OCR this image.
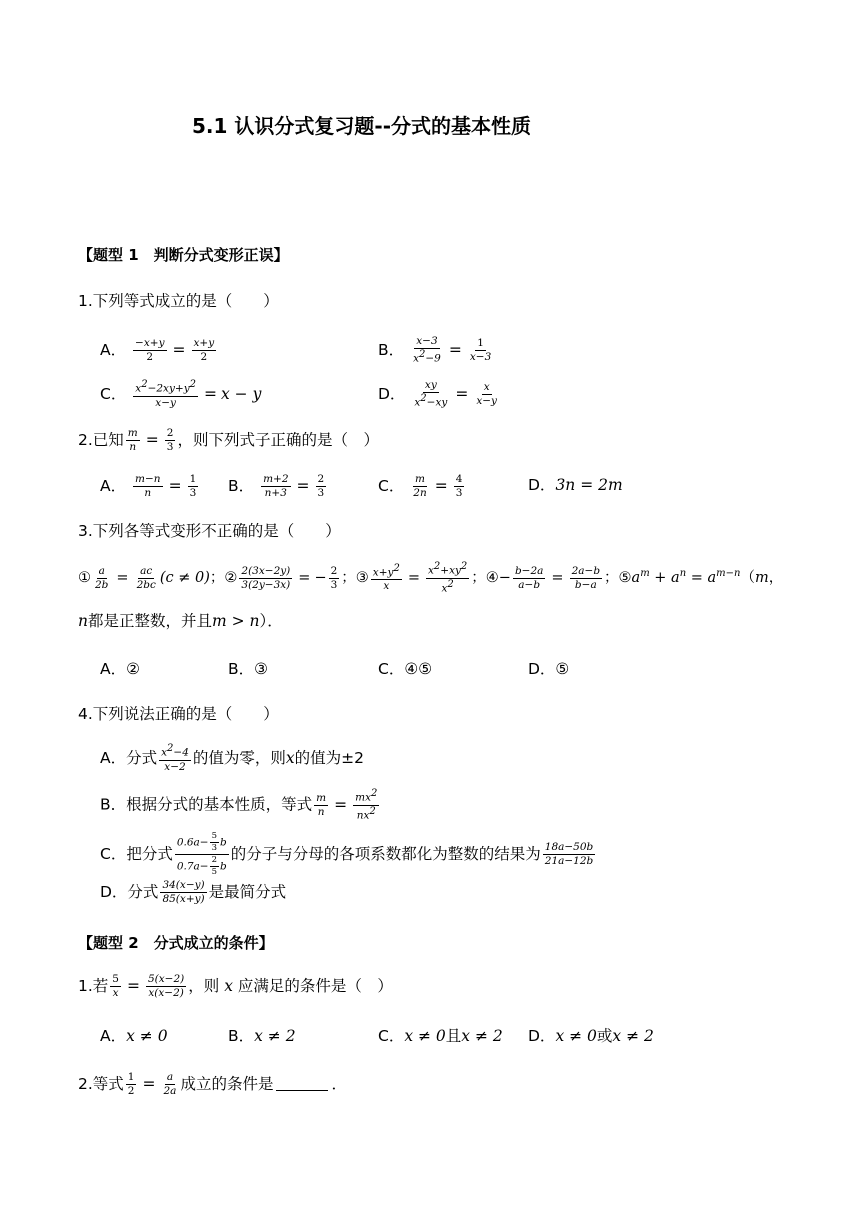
5.1 认识分式复习题--分式的基本性质
【题型 1　判断分式变形正误】
1.下列等式成立的是（　　）
A． $\frac{-x+y}{2} = \frac{x+y}{2}$	B． $\frac{x-3}{x^2-9} = \frac{1}{x-3}$
C． $\frac{x^2-2xy+y^2}{x-y} = x - y$	D． $\frac{xy}{x^2-xy} = \frac{x}{x-y}$
2.已知 $\frac{m}{n} = \frac{2}{3}$ ，则下列式子正确的是（　）
A． $\frac{m-n}{n} = \frac{1}{3}$ B． $\frac{m+2}{n+3} = \frac{2}{3}$	C． $\frac{m}{2n} = \frac{4}{3}$	D．3n = 2m
3.下列各等式变形不正确的是（　　）
① $\frac{a}{2b} = \frac{ac}{2bc} (c \ne 0)$；② $\frac{2(3x-2y)}{3(2y-3x)}$ = − $\frac{2}{3}$ ；③ $\frac{x+y^2}{x} = \frac{x^2+xy^2}{x^2}$ ；④− $\frac{b-2a}{a-b} = \frac{2a-b}{b-a}$ ；$⑤a^m + a^n = a^{m-n}(m$，
n都是正整数，并且m > n）．
A．②	B．③	C．④⑤	D．⑤
4.下列说法正确的是（　　）
A．分式 $\frac{x^2-4}{x-2}$ 的值为零，则x的值为±2
B．根据分式的基本性质，等式 $\frac{m}{n} = \frac{mx^2}{nx^2}$
C．把分式 $\frac{0.6a- \frac{5}{3} b}{0.7a- \frac{2}{5} b}$ 的分子与分母的各项系数都化为整数的结果为 $\frac{18a-50b}{21a-12b}$
D．分式 $\frac{34(x-y)}{85(x+y)}$ 是最简分式
【题型 2　分式成立的条件】
1.若 $\frac{5}{x} = \frac{5(x-2)}{x(x-2)}$ ，则 x 应满足的条件是（　）
A．x ≠ 0	B．x ≠ 2	C．x ≠ 0且x ≠ 2 D．x ≠ 0或x ≠ 2
2.等式 $\frac{1}{2} = \frac{a}{2a}$ 成立的条件是	．
